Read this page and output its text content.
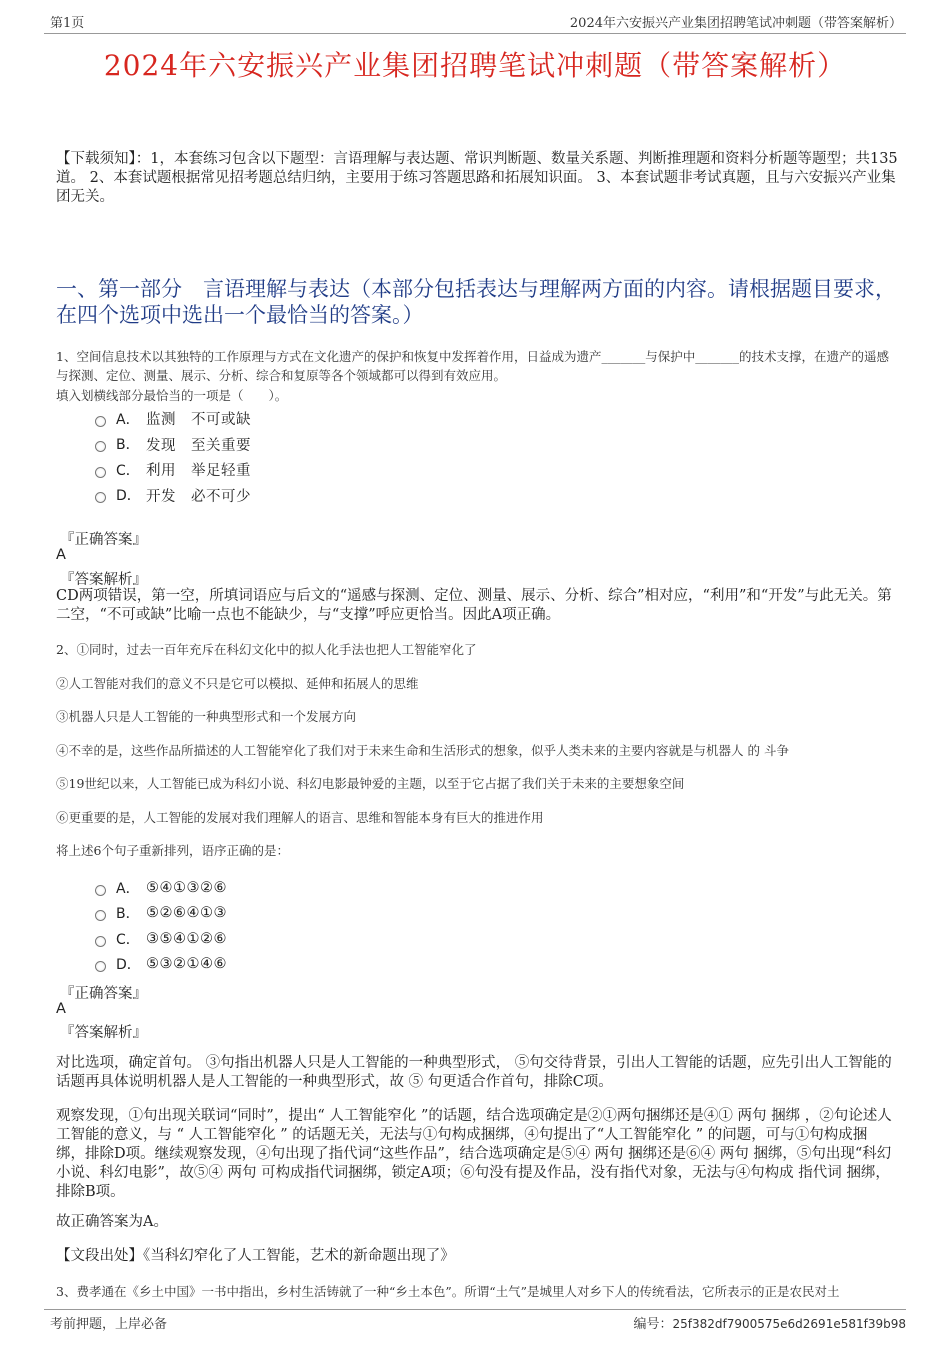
第1页	2024年六安振兴产业集团招聘笔试冲刺题（带答案解析）
2024年六安振兴产业集团招聘笔试冲刺题（带答案解析）
【下载须知】：1，本套练习包含以下题型：言语理解与表达题、常识判断题、数量关系题、判断推理题和资料分析题等题型；共135道。 2、本套试题根据常见招考题总结归纳，主要用于练习答题思路和拓展知识面。 3、本套试题非考试真题，且与六安振兴产业集团无关。
一、第一部分　言语理解与表达（本部分包括表达与理解两方面的内容。请根据题目要求，在四个选项中选出一个最恰当的答案。）
1、空间信息技术以其独特的工作原理与方式在文化遗产的保护和恢复中发挥着作用，日益成为遗产_______与保护中_______的技术支撑，在遗产的遥感与探测、定位、测量、展示、分析、综合和复原等各个领域都可以得到有效应用。
填入划横线部分最恰当的一项是（　　）。
A． 监测　不可或缺
B． 发现　至关重要
C． 利用　举足轻重
D． 开发　必不可少
『正确答案』
A
『答案解析』
CD两项错误，第一空，所填词语应与后文的“遥感与探测、定位、测量、展示、分析、综合”相对应，“利用”和“开发”与此无关。第二空，“不可或缺”比喻一点也不能缺少，与“支撑”呼应更恰当。因此A项正确。
2、①同时，过去一百年充斥在科幻文化中的拟人化手法也把人工智能窄化了
②人工智能对我们的意义不只是它可以模拟、延伸和拓展人的思维
③机器人只是人工智能的一种典型形式和一个发展方向
④不幸的是，这些作品所描述的人工智能窄化了我们对于未来生命和生活形式的想象，似乎人类未来的主要内容就是与机器人 的 斗争
⑤19世纪以来，人工智能已成为科幻小说、科幻电影最钟爱的主题，以至于它占据了我们关于未来的主要想象空间
⑥更重要的是，人工智能的发展对我们理解人的语言、思维和智能本身有巨大的推进作用
将上述6个句子重新排列，语序正确的是：
A． ⑤④①③②⑥
B． ⑤②⑥④①③
C． ③⑤④①②⑥
D． ⑤③②①④⑥
『正确答案』
A
『答案解析』
对比选项，确定首句。 ③句指出机器人只是人工智能的一种典型形式， ⑤句交待背景，引出人工智能的话题，应先引出人工智能的话题再具体说明机器人是人工智能的一种典型形式，故 ⑤ 句更适合作首句，排除C项。
观察发现，①句出现关联词“同时”，提出“ 人工智能窄化 ”的话题，结合选项确定是②①两句捆绑还是④① 两句 捆绑 ，②句论述人工智能的意义，与 “ 人工智能窄化 ” 的话题无关，无法与①句构成捆绑，④句提出了“人工智能窄化 ” 的问题，可与①句构成捆绑，排除D项。继续观察发现，④句出现了指代词“这些作品”，结合选项确定是⑤④ 两句 捆绑还是⑥④ 两句 捆绑，⑤句出现“科幻小说、科幻电影”，故⑤④ 两句 可构成指代词捆绑，锁定A项；⑥句没有提及作品，没有指代对象，无法与④句构成 指代词 捆绑，排除B项。
故正确答案为A。
【文段出处】《当科幻窄化了人工智能，艺术的新命题出现了》
3、费孝通在《乡土中国》一书中指出，乡村生活铸就了一种“乡土本色”。所谓“土气”是城里人对乡下人的传统看法，它所表示的正是农民对土
考前押题，上岸必备	编号：25f382df7900575e6d2691e581f39b98
